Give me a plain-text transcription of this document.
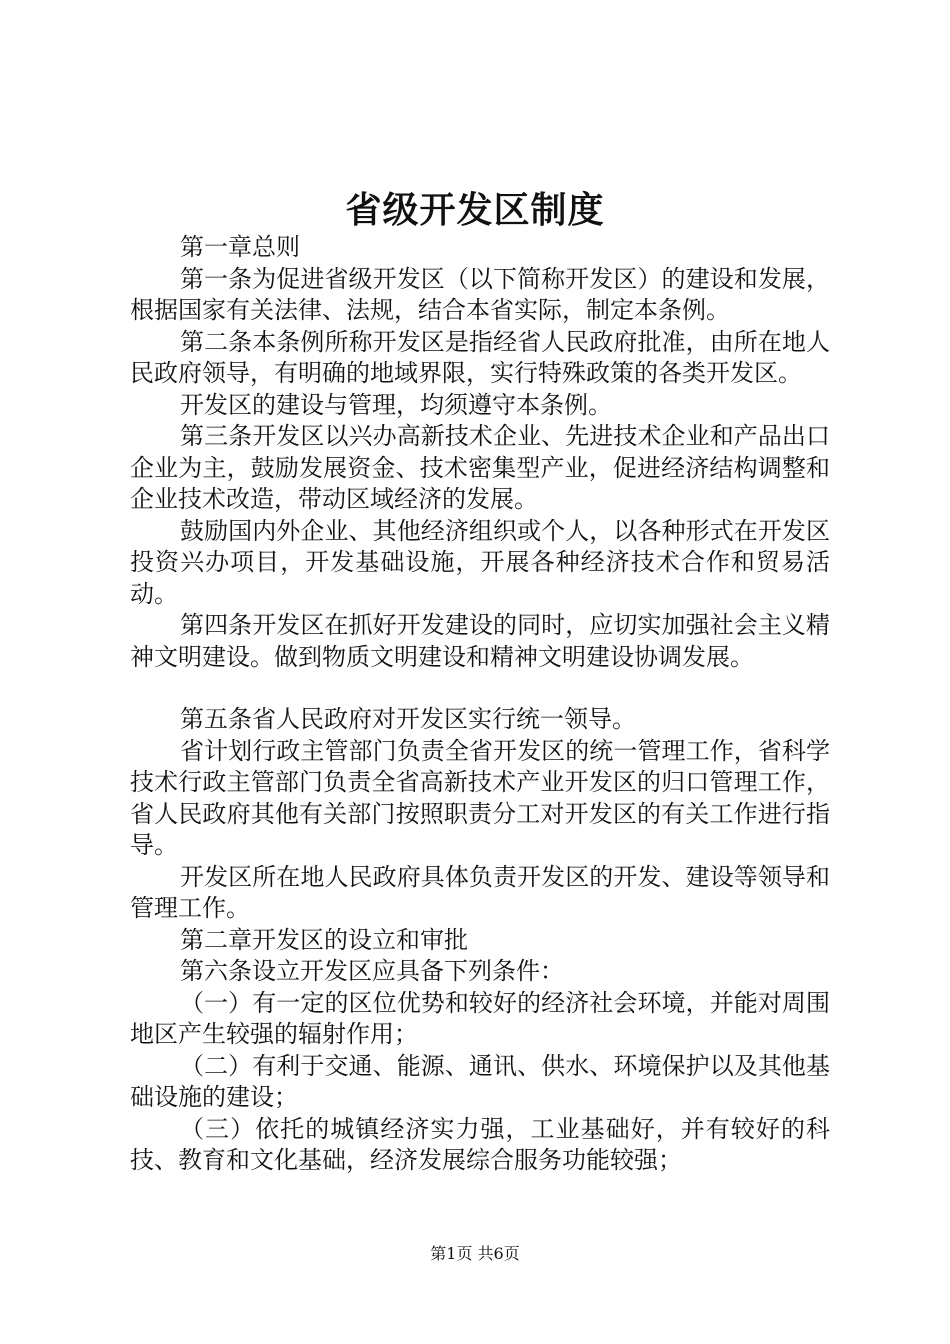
省级开发区制度

第一章总则

第一条为促进省级开发区（以下简称开发区）的建设和发展，根据国家有关法律、法规，结合本省实际，制定本条例。

第二条本条例所称开发区是指经省人民政府批准，由所在地人民政府领导，有明确的地域界限，实行特殊政策的各类开发区。

开发区的建设与管理，均须遵守本条例。

第三条开发区以兴办高新技术企业、先进技术企业和产品出口企业为主，鼓励发展资金、技术密集型产业，促进经济结构调整和企业技术改造，带动区域经济的发展。

鼓励国内外企业、其他经济组织或个人，以各种形式在开发区投资兴办项目，开发基础设施，开展各种经济技术合作和贸易活动。

第四条开发区在抓好开发建设的同时，应切实加强社会主义精神文明建设。做到物质文明建设和精神文明建设协调发展。

第五条省人民政府对开发区实行统一领导。

省计划行政主管部门负责全省开发区的统一管理工作，省科学技术行政主管部门负责全省高新技术产业开发区的归口管理工作，省人民政府其他有关部门按照职责分工对开发区的有关工作进行指导。

开发区所在地人民政府具体负责开发区的开发、建设等领导和管理工作。

第二章开发区的设立和审批

第六条设立开发区应具备下列条件：

（一）有一定的区位优势和较好的经济社会环境，并能对周围地区产生较强的辐射作用；

（二）有利于交通、能源、通讯、供水、环境保护以及其他基础设施的建设；

（三）依托的城镇经济实力强，工业基础好，并有较好的科技、教育和文化基础，经济发展综合服务功能较强；

第1页 共6页
